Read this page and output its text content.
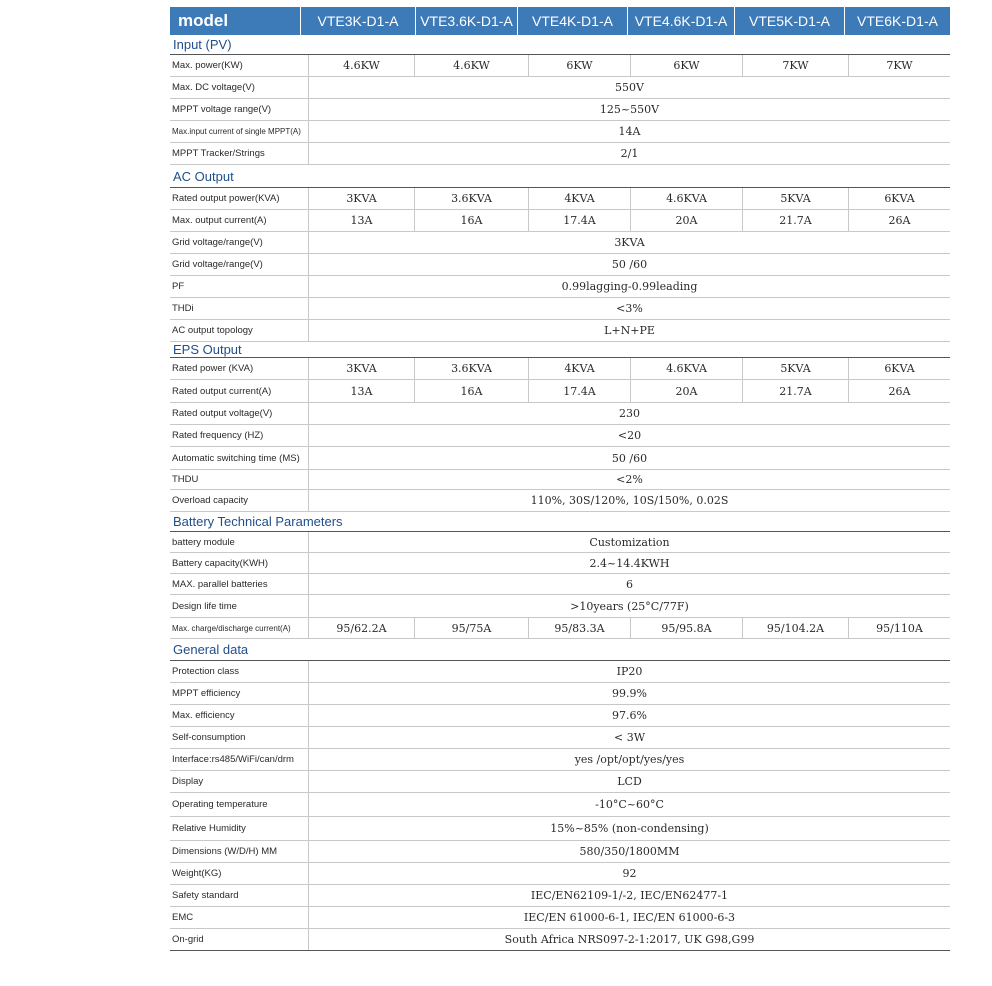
model	VTE3K-D1-A	VTE3.6K-D1-A	VTE4K-D1-A	VTE4.6K-D1-A	VTE5K-D1-A	VTE6K-D1-A
Input (PV)
Max. power(KW)	4.6KW	4.6KW	6KW	6KW	7KW	7KW
Max. DC voltage(V)	550V
MPPT voltage range(V)	125~550V
Max.input current of single MPPT(A)	14A
MPPT Tracker/Strings	2/1
AC Output
Rated output power(KVA)	3KVA	3.6KVA	4KVA	4.6KVA	5KVA	6KVA
Max. output current(A)	13A	16A	17.4A	20A	21.7A	26A
Grid voltage/range(V)	3KVA
Grid voltage/range(V)	50 /60
PF	0.99lagging-0.99leading
THDi	<3%
AC output topology	L+N+PE
EPS Output
Rated power (KVA)	3KVA	3.6KVA	4KVA	4.6KVA	5KVA	6KVA
Rated output current(A)	13A	16A	17.4A	20A	21.7A	26A
Rated output voltage(V)	230
Rated frequency (HZ)	<20
Automatic switching time (MS)	50 /60
THDU	<2%
Overload capacity	110%, 30S/120%, 10S/150%, 0.02S
Battery Technical Parameters
battery module	Customization
Battery capacity(KWH)	2.4~14.4KWH
MAX. parallel batteries	6
Design life time	>10years (25°C/77F)
Max. charge/discharge current(A)	95/62.2A	95/75A	95/83.3A	95/95.8A	95/104.2A	95/110A
General data
Protection class	IP20
MPPT efficiency	99.9%
Max. efficiency	97.6%
Self-consumption	< 3W
Interface:rs485/WiFi/can/drm	yes /opt/opt/yes/yes
Display	LCD
Operating temperature	-10°C~60°C
Relative Humidity	15%~85% (non-condensing)
Dimensions (W/D/H) MM	580/350/1800MM
Weight(KG)	92
Safety standard	IEC/EN62109-1/-2, IEC/EN62477-1
EMC	IEC/EN 61000-6-1, IEC/EN 61000-6-3
On-grid	South Africa NRS097-2-1:2017, UK G98,G99
